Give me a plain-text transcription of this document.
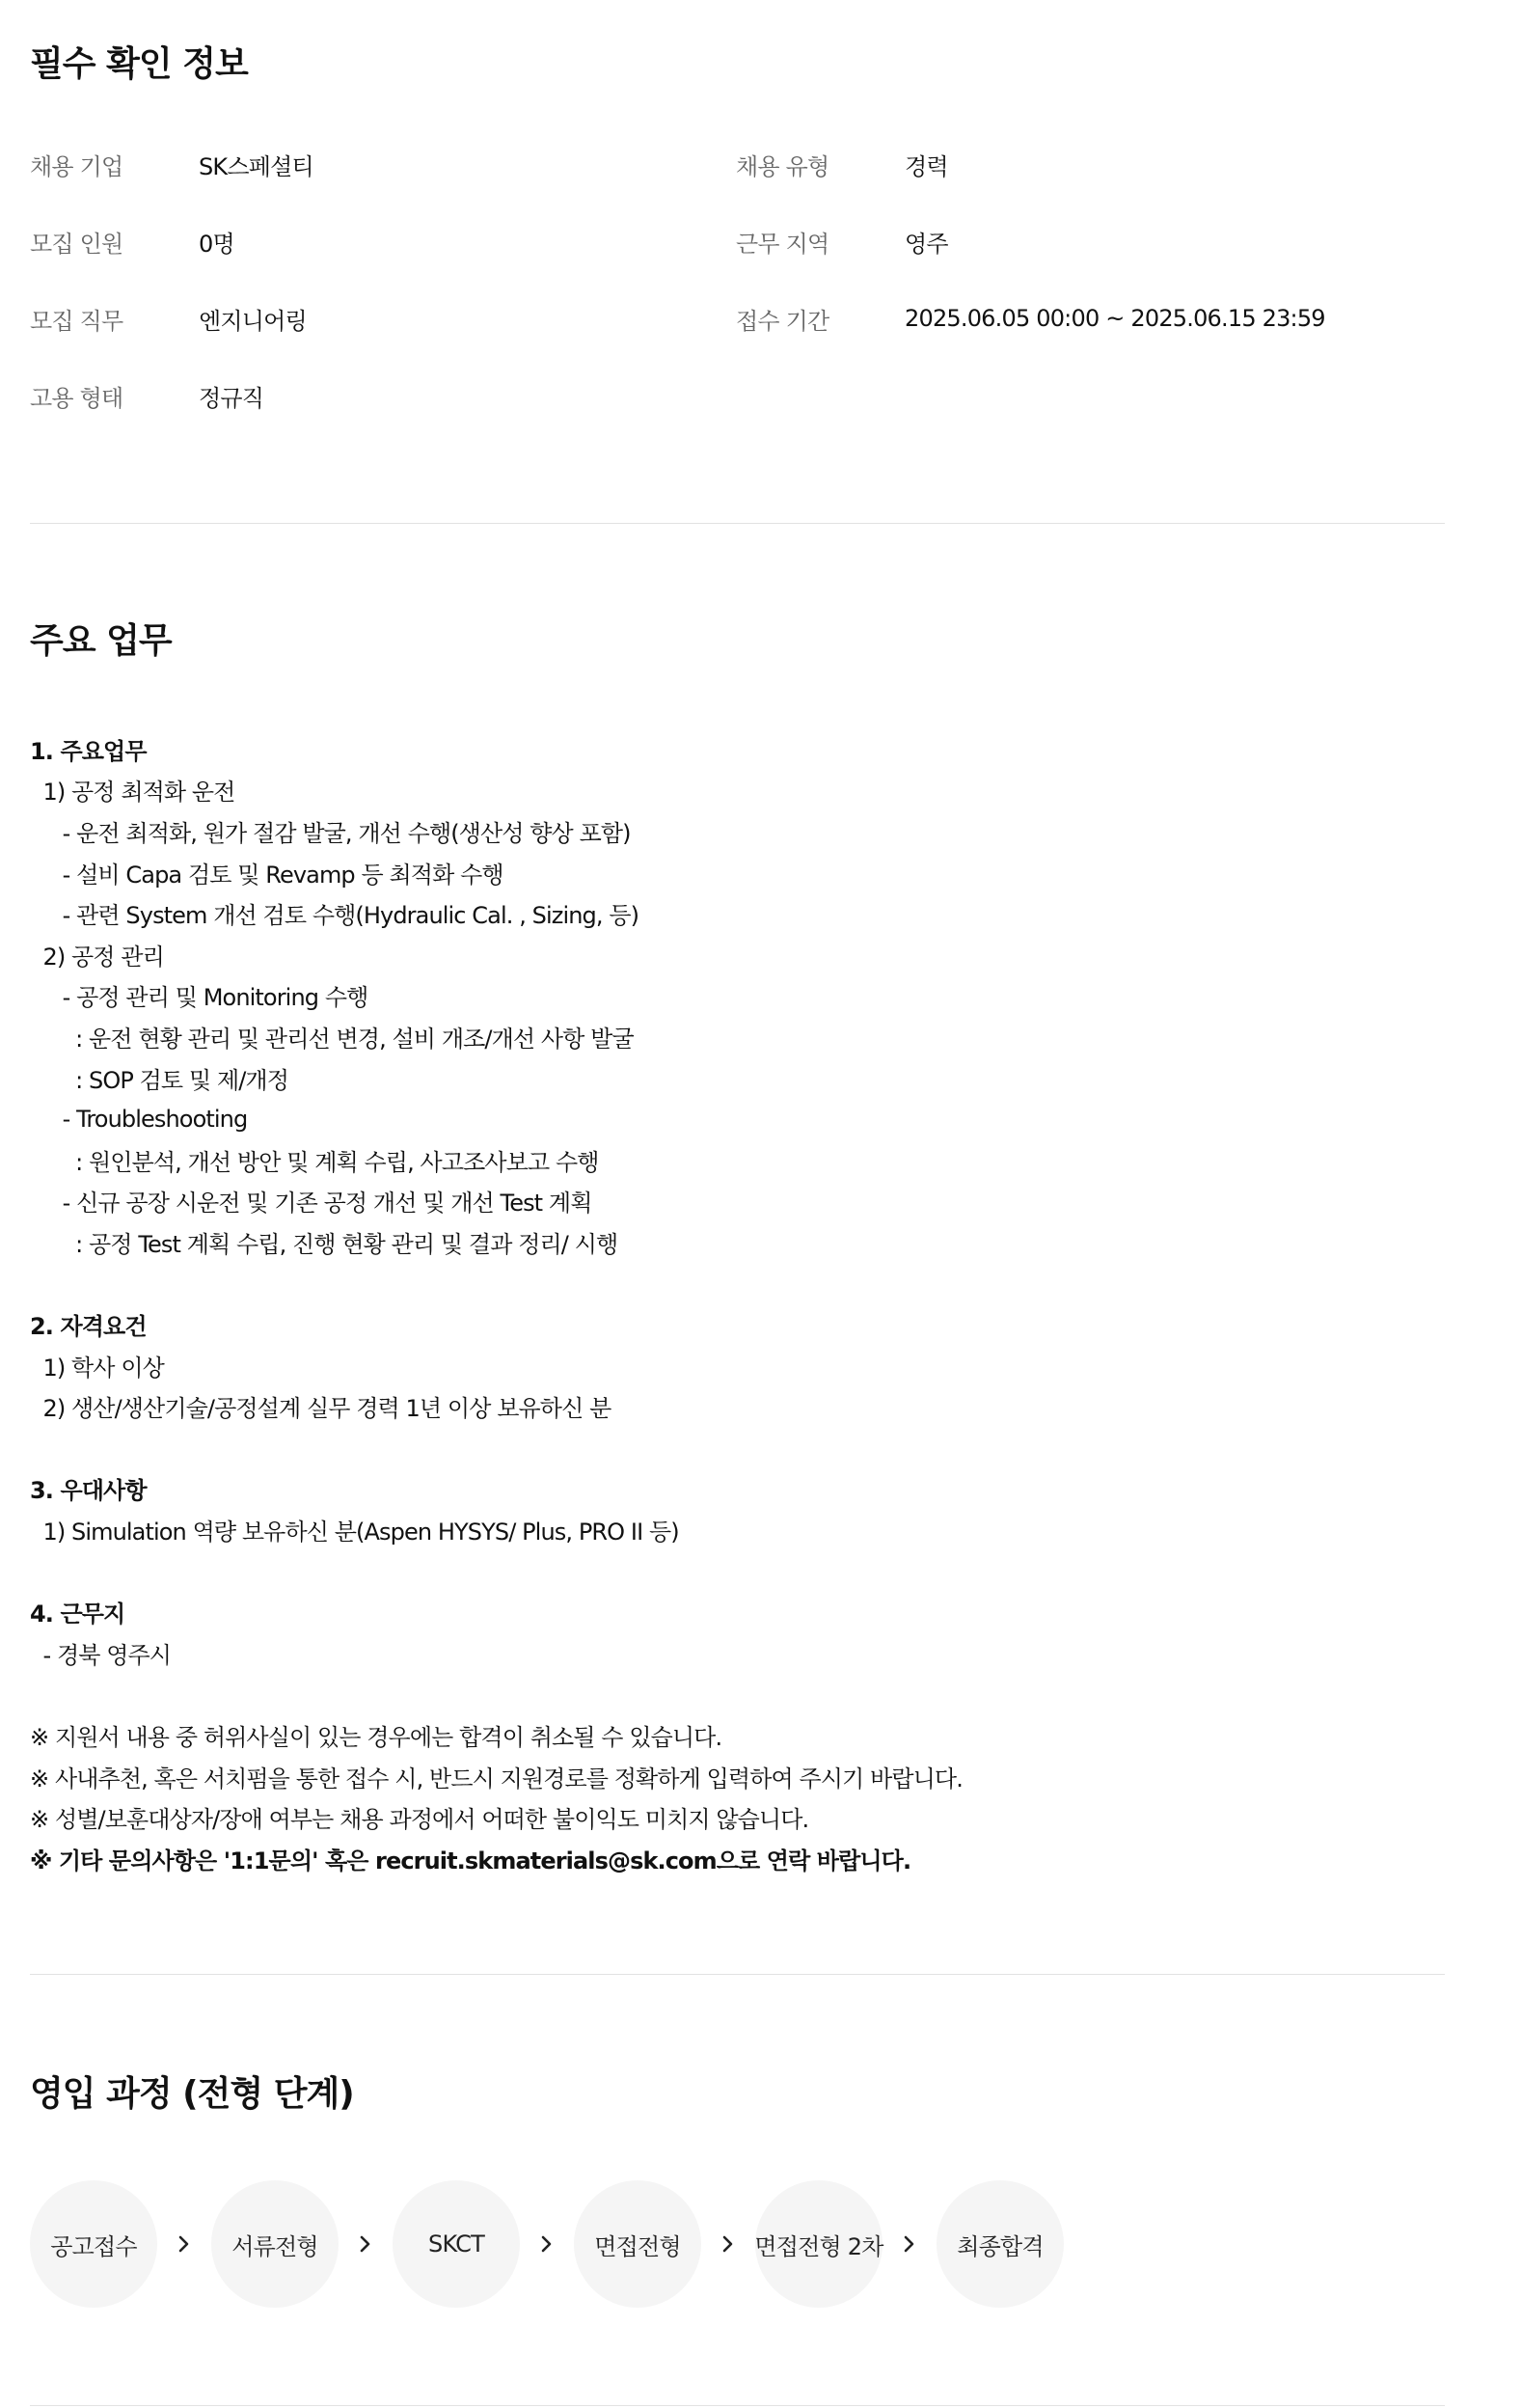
필수 확인 정보
채용 기업	SK스페셜티	채용 유형	경력
모집 인원	0명	근무 지역	영주
모집 직무	엔지니어링	접수 기간	2025.06.05 00:00 ~ 2025.06.15 23:59
고용 형태	정규직
주요 업무
1. 주요업무
1) 공정 최적화 운전
- 운전 최적화, 원가 절감 발굴, 개선 수행(생산성 향상 포함)
- 설비 Capa 검토 및 Revamp 등 최적화 수행
- 관련 System 개선 검토 수행(Hydraulic Cal. , Sizing, 등)
2) 공정 관리
- 공정 관리 및 Monitoring 수행
: 운전 현황 관리 및 관리선 변경, 설비 개조/개선 사항 발굴
: SOP 검토 및 제/개정
- Troubleshooting
: 원인분석, 개선 방안 및 계획 수립, 사고조사보고 수행
- 신규 공장 시운전 및 기존 공정 개선 및 개선 Test 계획
: 공정 Test 계획 수립, 진행 현황 관리 및 결과 정리/ 시행
2. 자격요건
1) 학사 이상
2) 생산/생산기술/공정설계 실무 경력 1년 이상 보유하신 분
3. 우대사항
1) Simulation 역량 보유하신 분(Aspen HYSYS/ Plus, PRO II 등)
4. 근무지
- 경북 영주시
※ 지원서 내용 중 허위사실이 있는 경우에는 합격이 취소될 수 있습니다.
※ 사내추천, 혹은 서치펌을 통한 접수 시, 반드시 지원경로를 정확하게 입력하여 주시기 바랍니다.
※ 성별/보훈대상자/장애 여부는 채용 과정에서 어떠한 불이익도 미치지 않습니다.
※ 기타 문의사항은 '1:1문의' 혹은 recruit.skmaterials@sk.com으로 연락 바랍니다.
영입 과정 (전형 단계)
공고접수	서류전형	SKCT	면접전형	면접전형 2차	최종합격
